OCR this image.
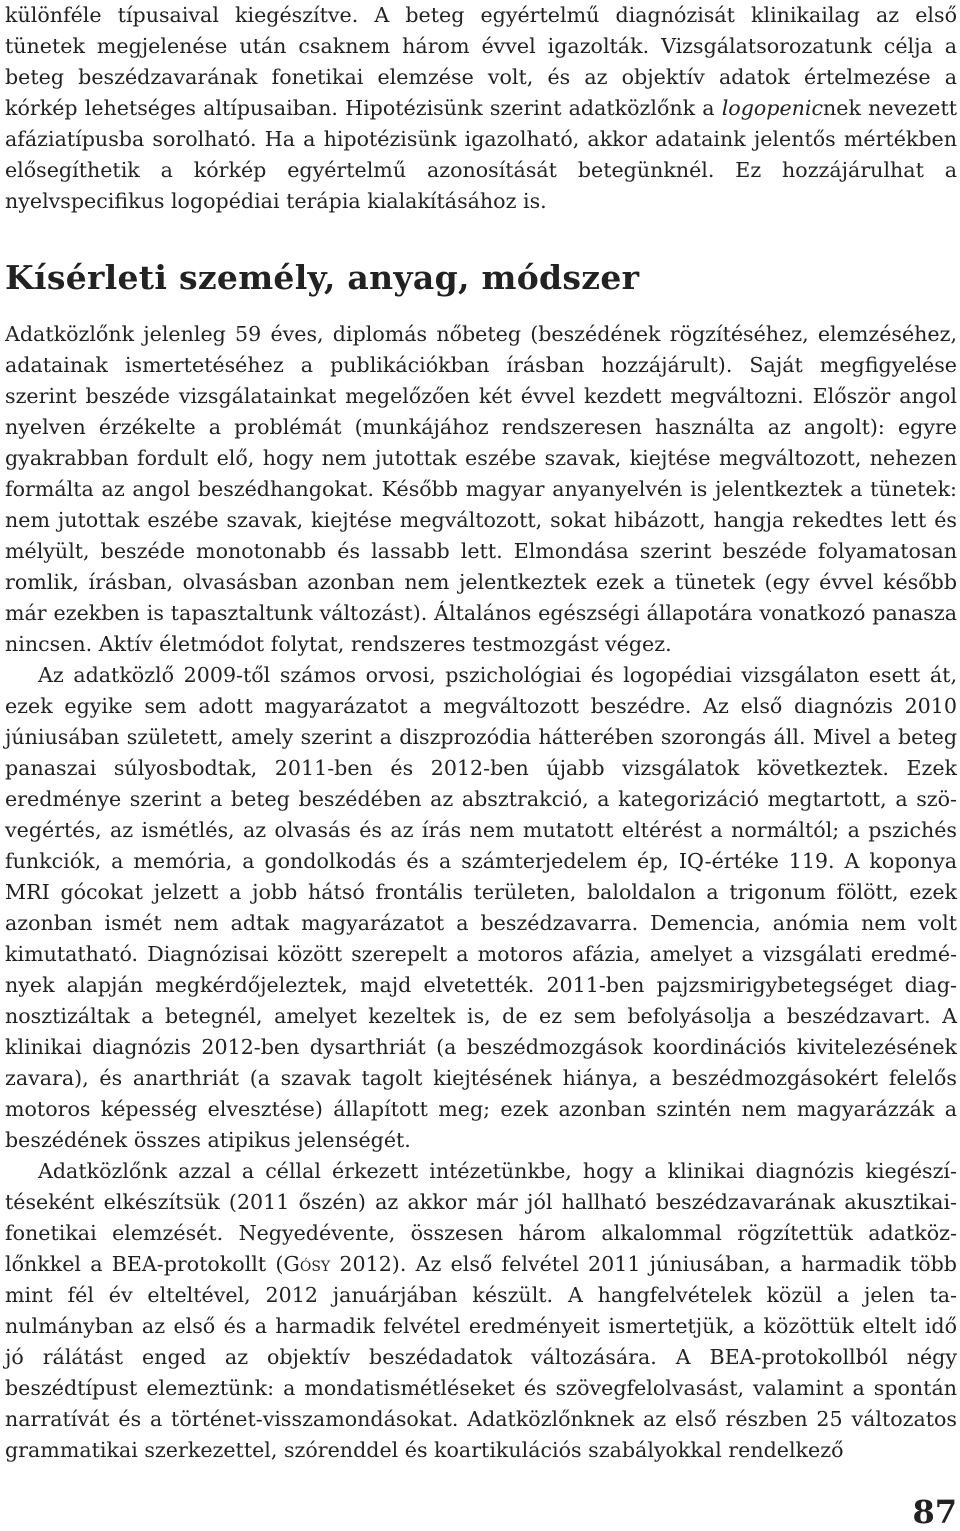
különféle típusaival kiegészítve. A beteg egyértelmű diagnózisát klinikailag az első tünetek megjelenése után csaknem három évvel igazolták. Vizsgálatsorozatunk célja a beteg beszédzavarának fonetikai elemzése volt, és az objektív adatok értelmezése a kórkép lehetséges altípusaiban. Hipotézisünk szerint adatközlőnk a logopenicnek nevezett afáziatípusba sorolható. Ha a hipotézisünk igazolható, akkor adataink jelentős mértékben elősegíthetik a kórkép egyértelmű azonosítását betegünknél. Ez hozzájárulhat a nyelvspecifikus logopédiai terápia kialakításához is.

Kísérleti személy, anyag, módszer

Adatközlőnk jelenleg 59 éves, diplomás nőbeteg (beszédének rögzítéséhez, elemzéséhez, adatainak ismertetéséhez a publikációkban írásban hozzájárult). Saját megfigyelése szerint beszéde vizsgálatainkat megelőzően két évvel kezdett megváltozni. Először angol nyelven érzékelte a problémát (munkájához rendszeresen használta az angolt): egyre gyakrabban fordult elő, hogy nem jutottak eszébe szavak, kiejtése megváltozott, nehezen formálta az angol beszédhangokat. Később magyar anyanyelvén is jelentkeztek a tünetek: nem jutottak eszébe szavak, kiejtése megváltozott, sokat hibázott, hangja rekedtes lett és mélyült, beszéde monotonabb és lassabb lett. Elmondása szerint beszéde folyamatosan romlik, írásban, olvasásban azonban nem jelentkeztek ezek a tünetek (egy évvel később már ezekben is tapasztaltunk változást). Általános egészségi állapotára vonatkozó panasza nincsen. Aktív életmódot folytat, rendszeres testmozgást végez.

Az adatközlő 2009-től számos orvosi, pszichológiai és logopédiai vizsgálaton esett át, ezek egyike sem adott magyarázatot a megváltozott beszédre. Az első diagnózis 2010 júniusában született, amely szerint a diszprozódia hátterében szorongás áll. Mivel a beteg panaszai súlyosbodtak, 2011-ben és 2012-ben újabb vizsgálatok következtek. Ezek eredménye szerint a beteg beszédében az absztrakció, a kategorizáció megtartott, a szövegértés, az ismétlés, az olvasás és az írás nem mutatott eltérést a normáltól; a pszichés funkciók, a memória, a gondolkodás és a számterjedelem ép, IQ-értéke 119. A koponya MRI gócokat jelzett a jobb hátsó frontális területen, baloldalon a trigonum fölött, ezek azonban ismét nem adtak magyarázatot a beszédzavarra. Demencia, anómia nem volt kimutatható. Diagnózisai között szerepelt a motoros afázia, amelyet a vizsgálati eredmények alapján megkérdőjeleztek, majd elvetették. 2011-ben pajzsmirigybetegséget diagnosztizáltak a betegnél, amelyet kezeltek is, de ez sem befolyásolja a beszédzavart. A klinikai diagnózis 2012-ben dysarthriát (a beszédmozgások koordinációs kivitelezésének zavara), és anarthriát (a szavak tagolt kiejtésének hiánya, a beszédmozgásokért felelős motoros képesség elvesztése) állapított meg; ezek azonban szintén nem magyarázzák a beszédének összes atipikus jelenségét.

Adatközlőnk azzal a céllal érkezett intézetünkbe, hogy a klinikai diagnózis kiegészítéseként elkészítsük (2011 őszén) az akkor már jól hallható beszédzavarának akusztikai-fonetikai elemzését. Negyedévente, összesen három alkalommal rögzítettük adatközlőnkkel a BEA-protokollt (Gósy 2012). Az első felvétel 2011 júniusában, a harmadik több mint fél év elteltével, 2012 januárjában készült. A hangfelvételek közül a jelen tanulmányban az első és a harmadik felvétel eredményeit ismertetjük, a közöttük eltelt idő jó rálátást enged az objektív beszédadatok változására. A BEA-protokollból négy beszédtípust elemeztünk: a mondatismétléseket és szövegfelolvasást, valamint a spontán narratívát és a történet-visszamondásokat. Adatközlőnknek az első részben 25 változatos grammatikai szerkezettel, szórenddel és koartikulációs szabályokkal rendelkező

87
